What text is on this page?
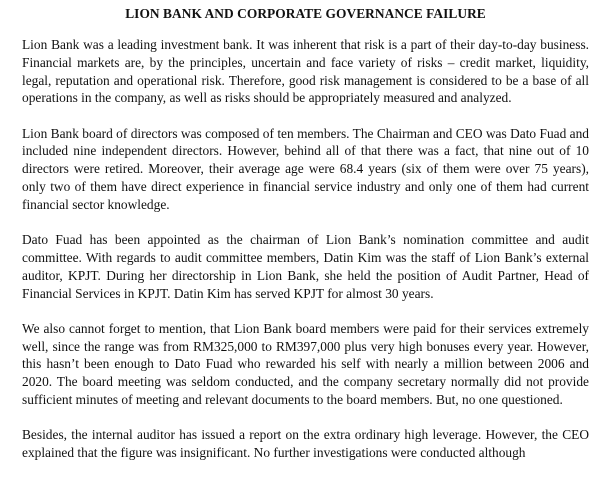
LION BANK AND CORPORATE GOVERNANCE FAILURE
Lion Bank was a leading investment bank. It was inherent that risk is a part of their day-to-day business. Financial markets are, by the principles, uncertain and face variety of risks – credit market, liquidity, legal, reputation and operational risk. Therefore, good risk management is considered to be a base of all operations in the company, as well as risks should be appropriately measured and analyzed.
Lion Bank board of directors was composed of ten members. The Chairman and CEO was Dato Fuad and included nine independent directors. However, behind all of that there was a fact, that nine out of 10 directors were retired. Moreover, their average age were 68.4 years (six of them were over 75 years), only two of them have direct experience in financial service industry and only one of them had current financial sector knowledge.
Dato Fuad has been appointed as the chairman of Lion Bank’s nomination committee and audit committee. With regards to audit committee members, Datin Kim was the staff of Lion Bank’s external auditor, KPJT. During her directorship in Lion Bank, she held the position of Audit Partner, Head of Financial Services in KPJT. Datin Kim has served KPJT for almost 30 years.
We also cannot forget to mention, that Lion Bank board members were paid for their services extremely well, since the range was from RM325,000 to RM397,000 plus very high bonuses every year. However, this hasn’t been enough to Dato Fuad who rewarded his self with nearly a million between 2006 and 2020. The board meeting was seldom conducted, and the company secretary normally did not provide sufficient minutes of meeting and relevant documents to the board members. But, no one questioned.
Besides, the internal auditor has issued a report on the extra ordinary high leverage. However, the CEO explained that the figure was insignificant. No further investigations were conducted although
